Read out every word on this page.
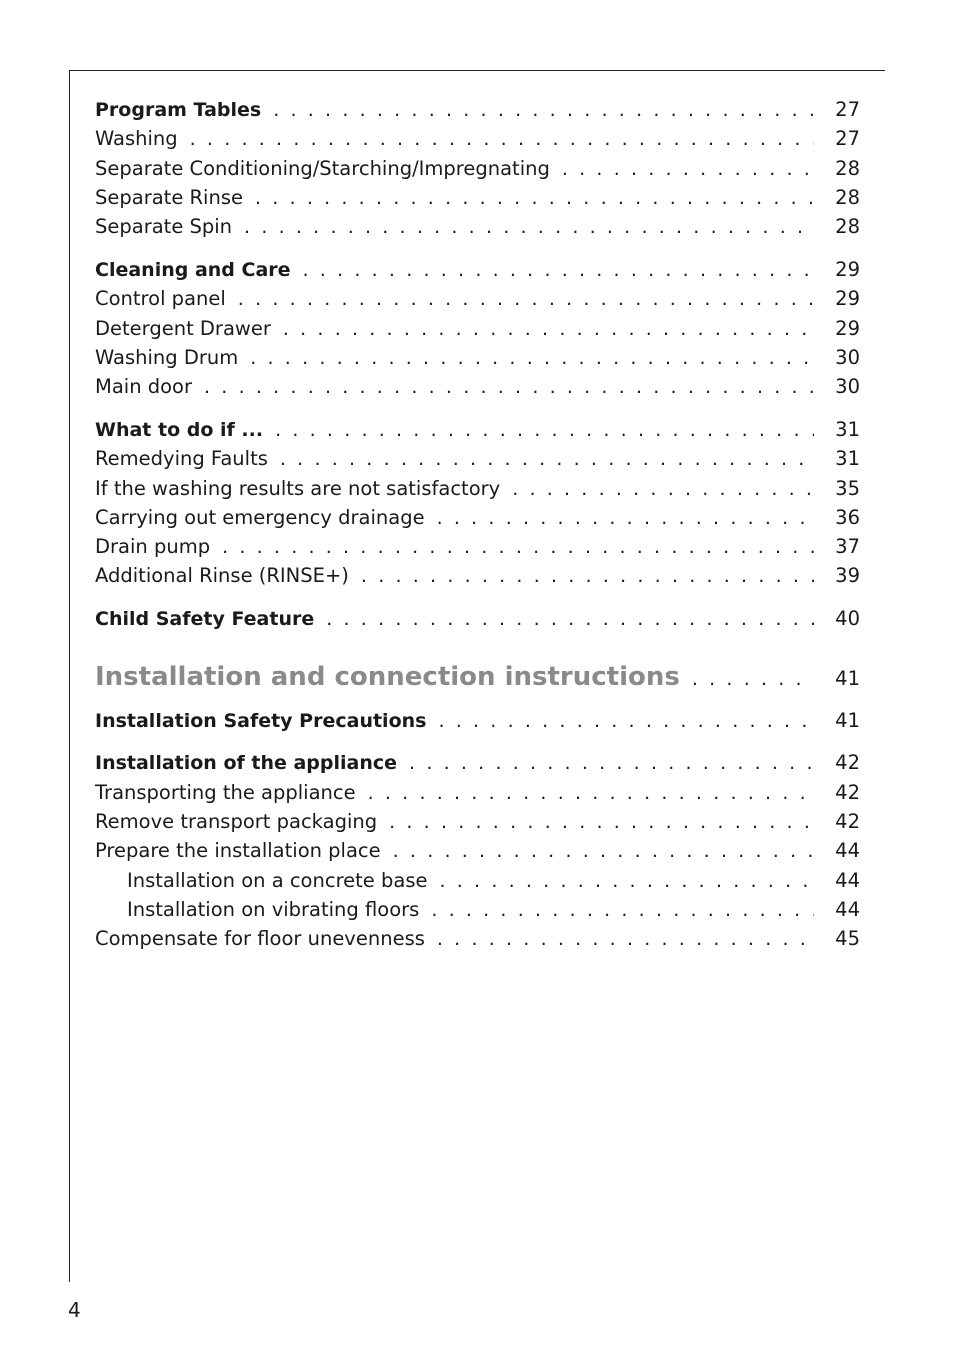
Program Tables . . .	27
Washing . . .	27
Separate Conditioning/Starching/Impregnating . . .	28
Separate Rinse . . .	28
Separate Spin . . .	28
Cleaning and Care . . .	29
Control panel . . .	29
Detergent Drawer . . .	29
Washing Drum . . .	30
Main door . . .	30
What to do if ... . . .	31
Remedying Faults . . .	31
If the washing results are not satisfactory . . .	35
Carrying out emergency drainage . . .	36
Drain pump . . .	37
Additional Rinse (RINSE+) . . .	39
Child Safety Feature . . .	40
Installation and connection instructions . . .	41
Installation Safety Precautions . . .	41
Installation of the appliance . . .	42
Transporting the appliance . . .	42
Remove transport packaging . . .	42
Prepare the installation place . . .	44
Installation on a concrete base . . .	44
Installation on vibrating floors . . .	44
Compensate for floor unevenness . . .	45
4
